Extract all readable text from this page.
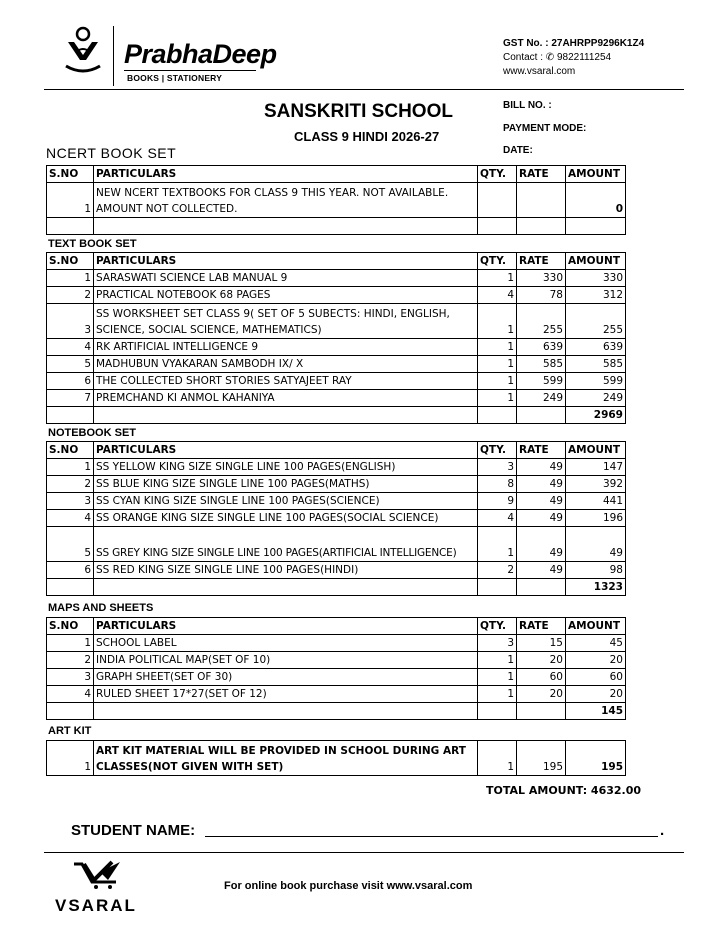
PrabhaDeep
BOOKS | STATIONERY
GST No. : 27AHRPP9296K1Z4
Contact : ✆ 9822111254
www.vsaral.com
SANSKRITI SCHOOL
CLASS 9 HINDI 2026-27
BILL NO. :
PAYMENT MODE:
DATE:
NCERT BOOK SET
S.NO	PARTICULARS	QTY.	RATE	AMOUNT
1	NEW NCERT TEXTBOOKS FOR CLASS 9 THIS YEAR. NOT AVAILABLE.
AMOUNT NOT COLLECTED.			0

TEXT BOOK SET
S.NO	PARTICULARS	QTY.	RATE	AMOUNT
1	SARASWATI SCIENCE LAB MANUAL 9	1	330	330
2	PRACTICAL NOTEBOOK 68 PAGES	4	78	312
3	SS WORKSHEET SET CLASS 9( SET OF 5 SUBECTS: HINDI, ENGLISH,
SCIENCE, SOCIAL SCIENCE, MATHEMATICS)	1	255	255
4	RK ARTIFICIAL INTELLIGENCE 9	1	639	639
5	MADHUBUN VYAKARAN SAMBODH IX/ X	1	585	585
6	THE COLLECTED SHORT STORIES SATYAJEET RAY	1	599	599
7	PREMCHAND KI ANMOL KAHANIYA	1	249	249
				2969
NOTEBOOK SET
S.NO	PARTICULARS	QTY.	RATE	AMOUNT
1	SS YELLOW KING SIZE SINGLE LINE 100 PAGES(ENGLISH)	3	49	147
2	SS BLUE KING SIZE SINGLE LINE 100 PAGES(MATHS)	8	49	392
3	SS CYAN KING SIZE SINGLE LINE 100 PAGES(SCIENCE)	9	49	441
4	SS ORANGE KING SIZE SINGLE LINE 100 PAGES(SOCIAL SCIENCE)	4	49	196
5	SS GREY KING SIZE SINGLE LINE 100 PAGES(ARTIFICIAL INTELLIGENCE)	1	49	49
6	SS RED KING SIZE SINGLE LINE 100 PAGES(HINDI)	2	49	98
				1323
MAPS AND SHEETS
S.NO	PARTICULARS	QTY.	RATE	AMOUNT
1	SCHOOL LABEL	3	15	45
2	INDIA POLITICAL MAP(SET OF 10)	1	20	20
3	GRAPH SHEET(SET OF 30)	1	60	60
4	RULED SHEET 17*27(SET OF 12)	1	20	20
				145
ART KIT
1	ART KIT MATERIAL WILL BE PROVIDED IN SCHOOL DURING ART
CLASSES(NOT GIVEN WITH SET)	1	195	195
TOTAL AMOUNT: 4632.00
STUDENT NAME:	.
VSARAL
For online book purchase visit www.vsaral.com
